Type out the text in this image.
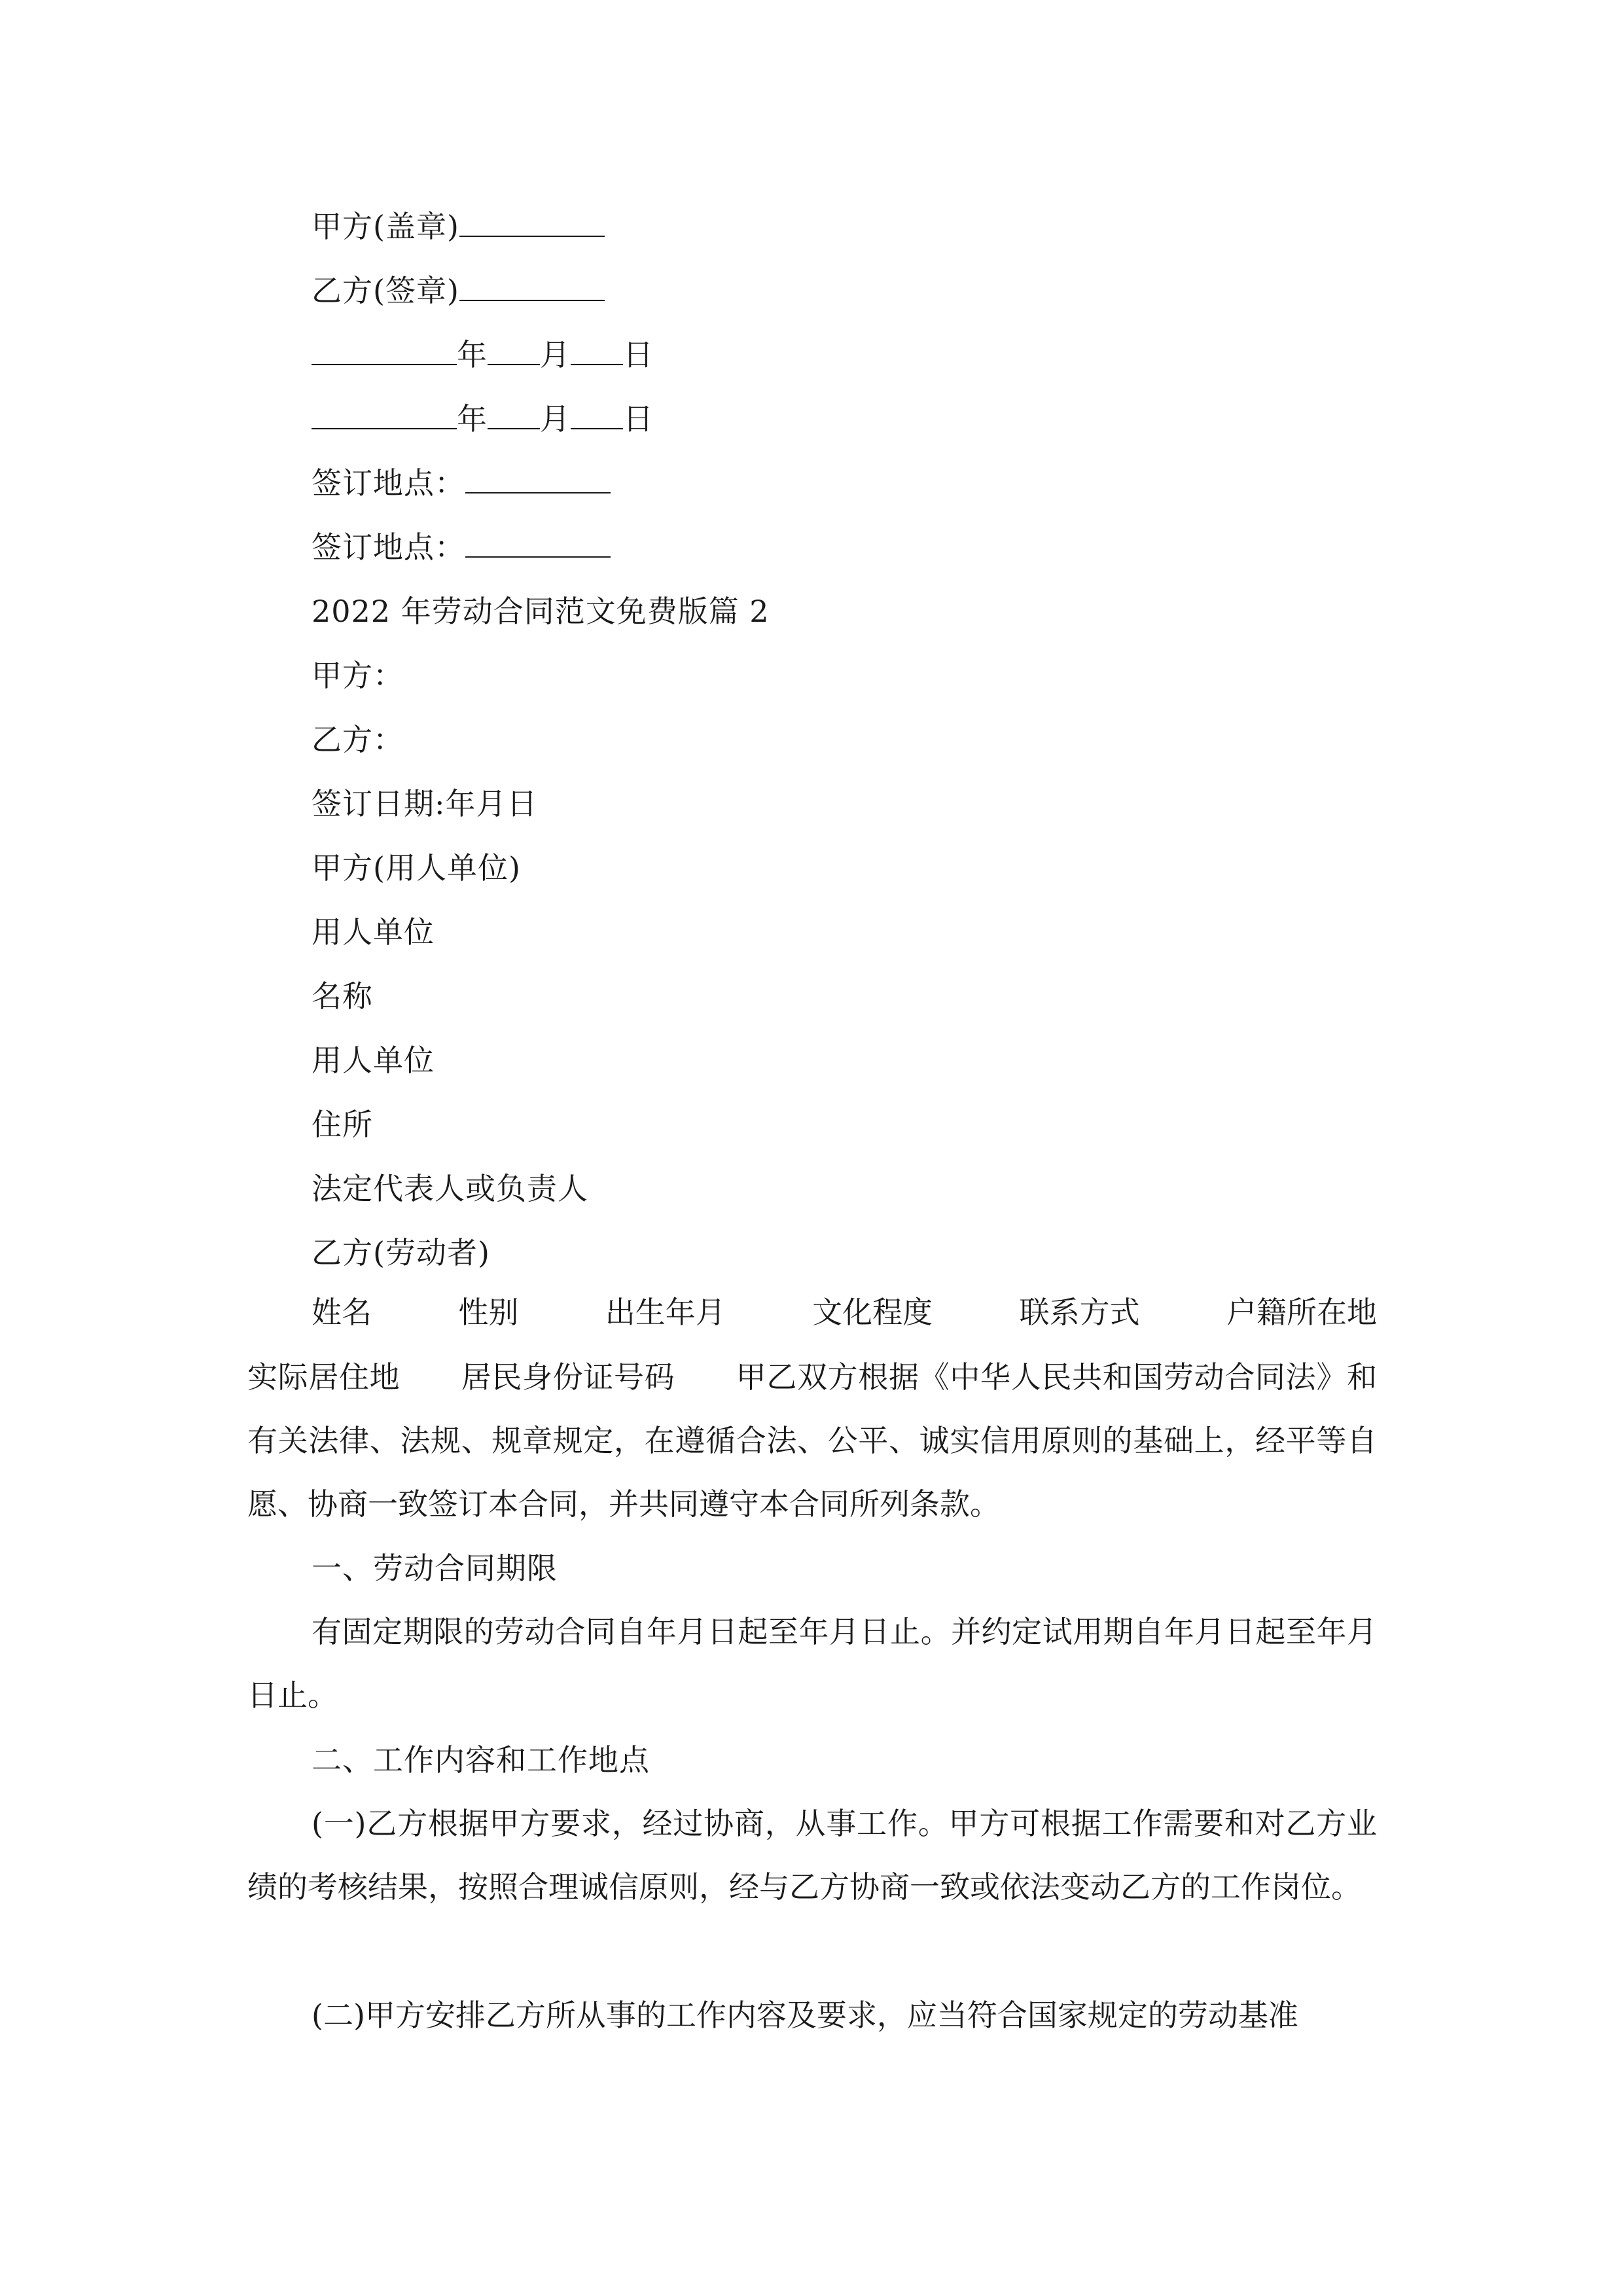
甲方(盖章)
乙方(签章)
年 月 日
年 月 日
签订地点：
签订地点：
2022 年劳动合同范文免费版篇 2
甲方：
乙方：
签订日期:年月日
甲方(用人单位)
用人单位
名称
用人单位
住所
法定代表人或负责人
乙方(劳动者)
姓名	性别	出生年月	文化程度	联系方式	户籍所在地

实际居住地　　居民身份证号码　　甲乙双方根据《中华人民共和国劳动合同法》和有关法律、法规、规章规定，在遵循合法、公平、诚实信用原则的基础上，经平等自愿、协商一致签订本合同，并共同遵守本合同所列条款。

一、劳动合同期限

有固定期限的劳动合同自年月日起至年月日止。并约定试用期自年月日起至年月日止。

二、工作内容和工作地点

(一)乙方根据甲方要求，经过协商，从事工作。甲方可根据工作需要和对乙方业绩的考核结果，按照合理诚信原则，经与乙方协商一致或依法变动乙方的工作岗位。

(二)甲方安排乙方所从事的工作内容及要求，应当符合国家规定的劳动基准
